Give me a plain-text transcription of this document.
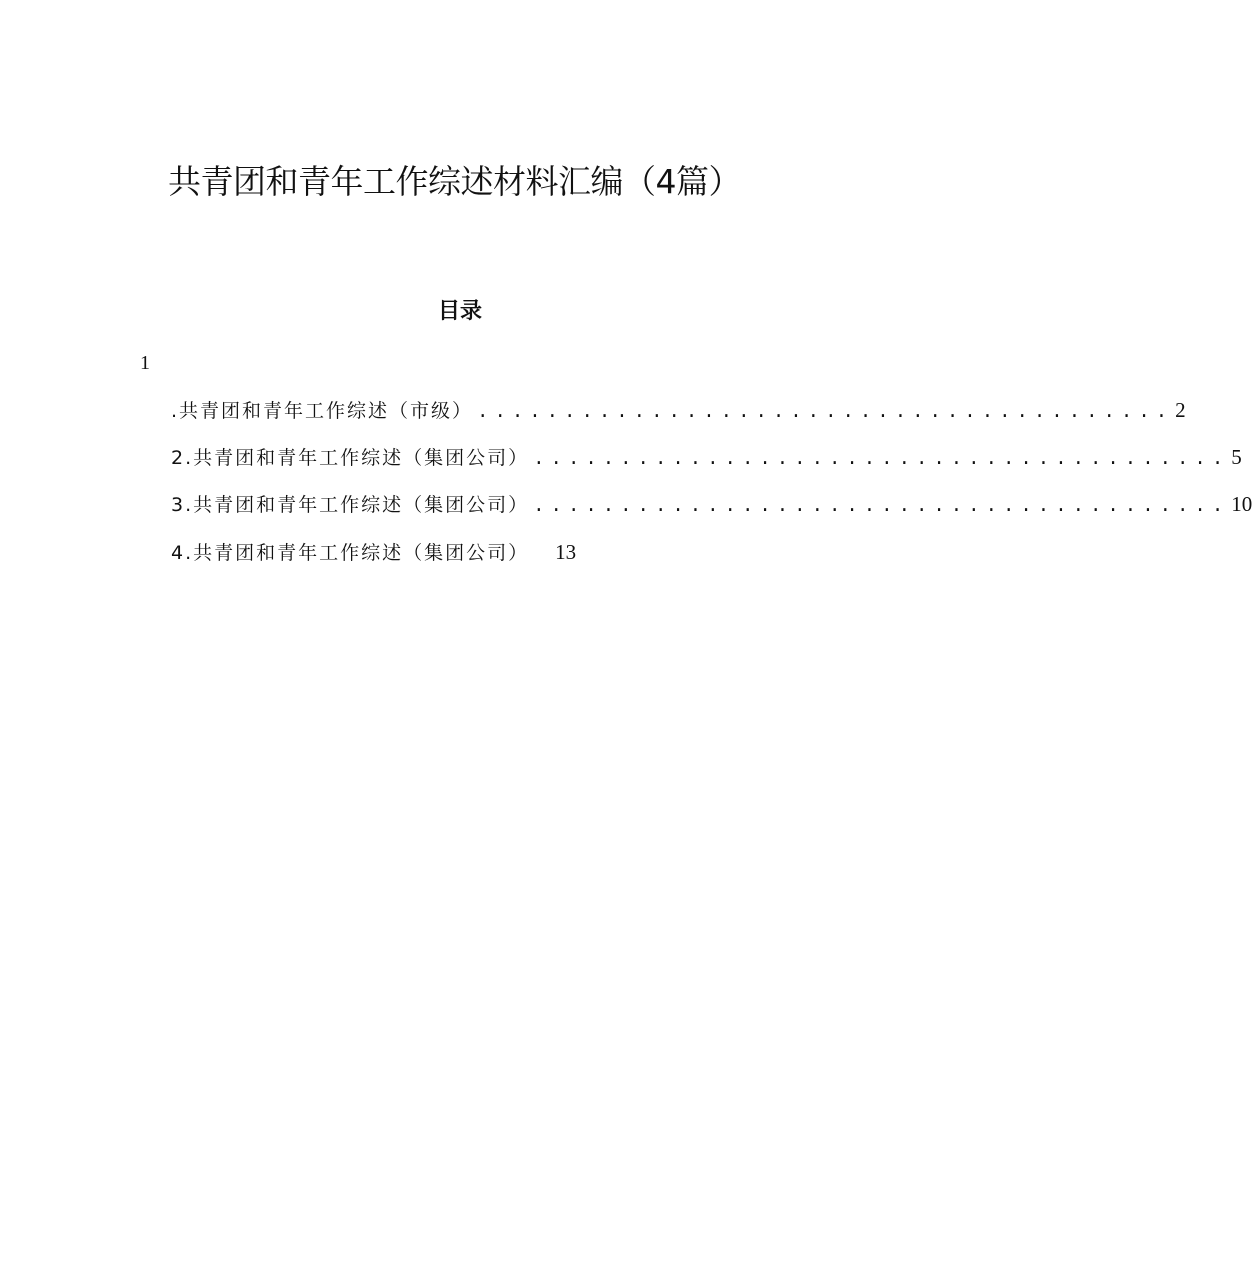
共青团和青年工作综述材料汇编（4篇）
目录
1
.共青团和青年工作综述（市级） ........................................ 2
2.共青团和青年工作综述（集团公司） ........................................ 5
3.共青团和青年工作综述（集团公司） ........................................ 10
4.共青团和青年工作综述（集团公司） 13
